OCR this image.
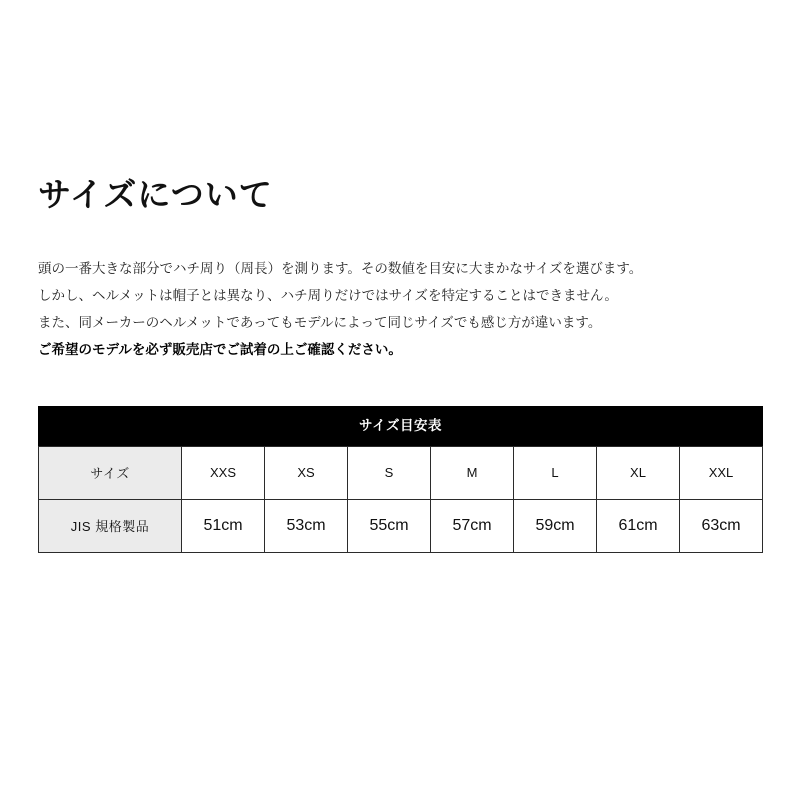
サイズについて

頭の一番大きな部分でハチ周り（周長）を測ります。その数値を目安に大まかなサイズを選びます。

しかし、ヘルメットは帽子とは異なり、ハチ周りだけではサイズを特定することはできません。

また、同メーカーのヘルメットであってもモデルによって同じサイズでも感じ方が違います。

ご希望のモデルを必ず販売店でご試着の上ご確認ください。

サイズ目安表
サイズ	XXS	XS	S	M	L	XL	XXL
JIS 規格製品	51cm	53cm	55cm	57cm	59cm	61cm	63cm
